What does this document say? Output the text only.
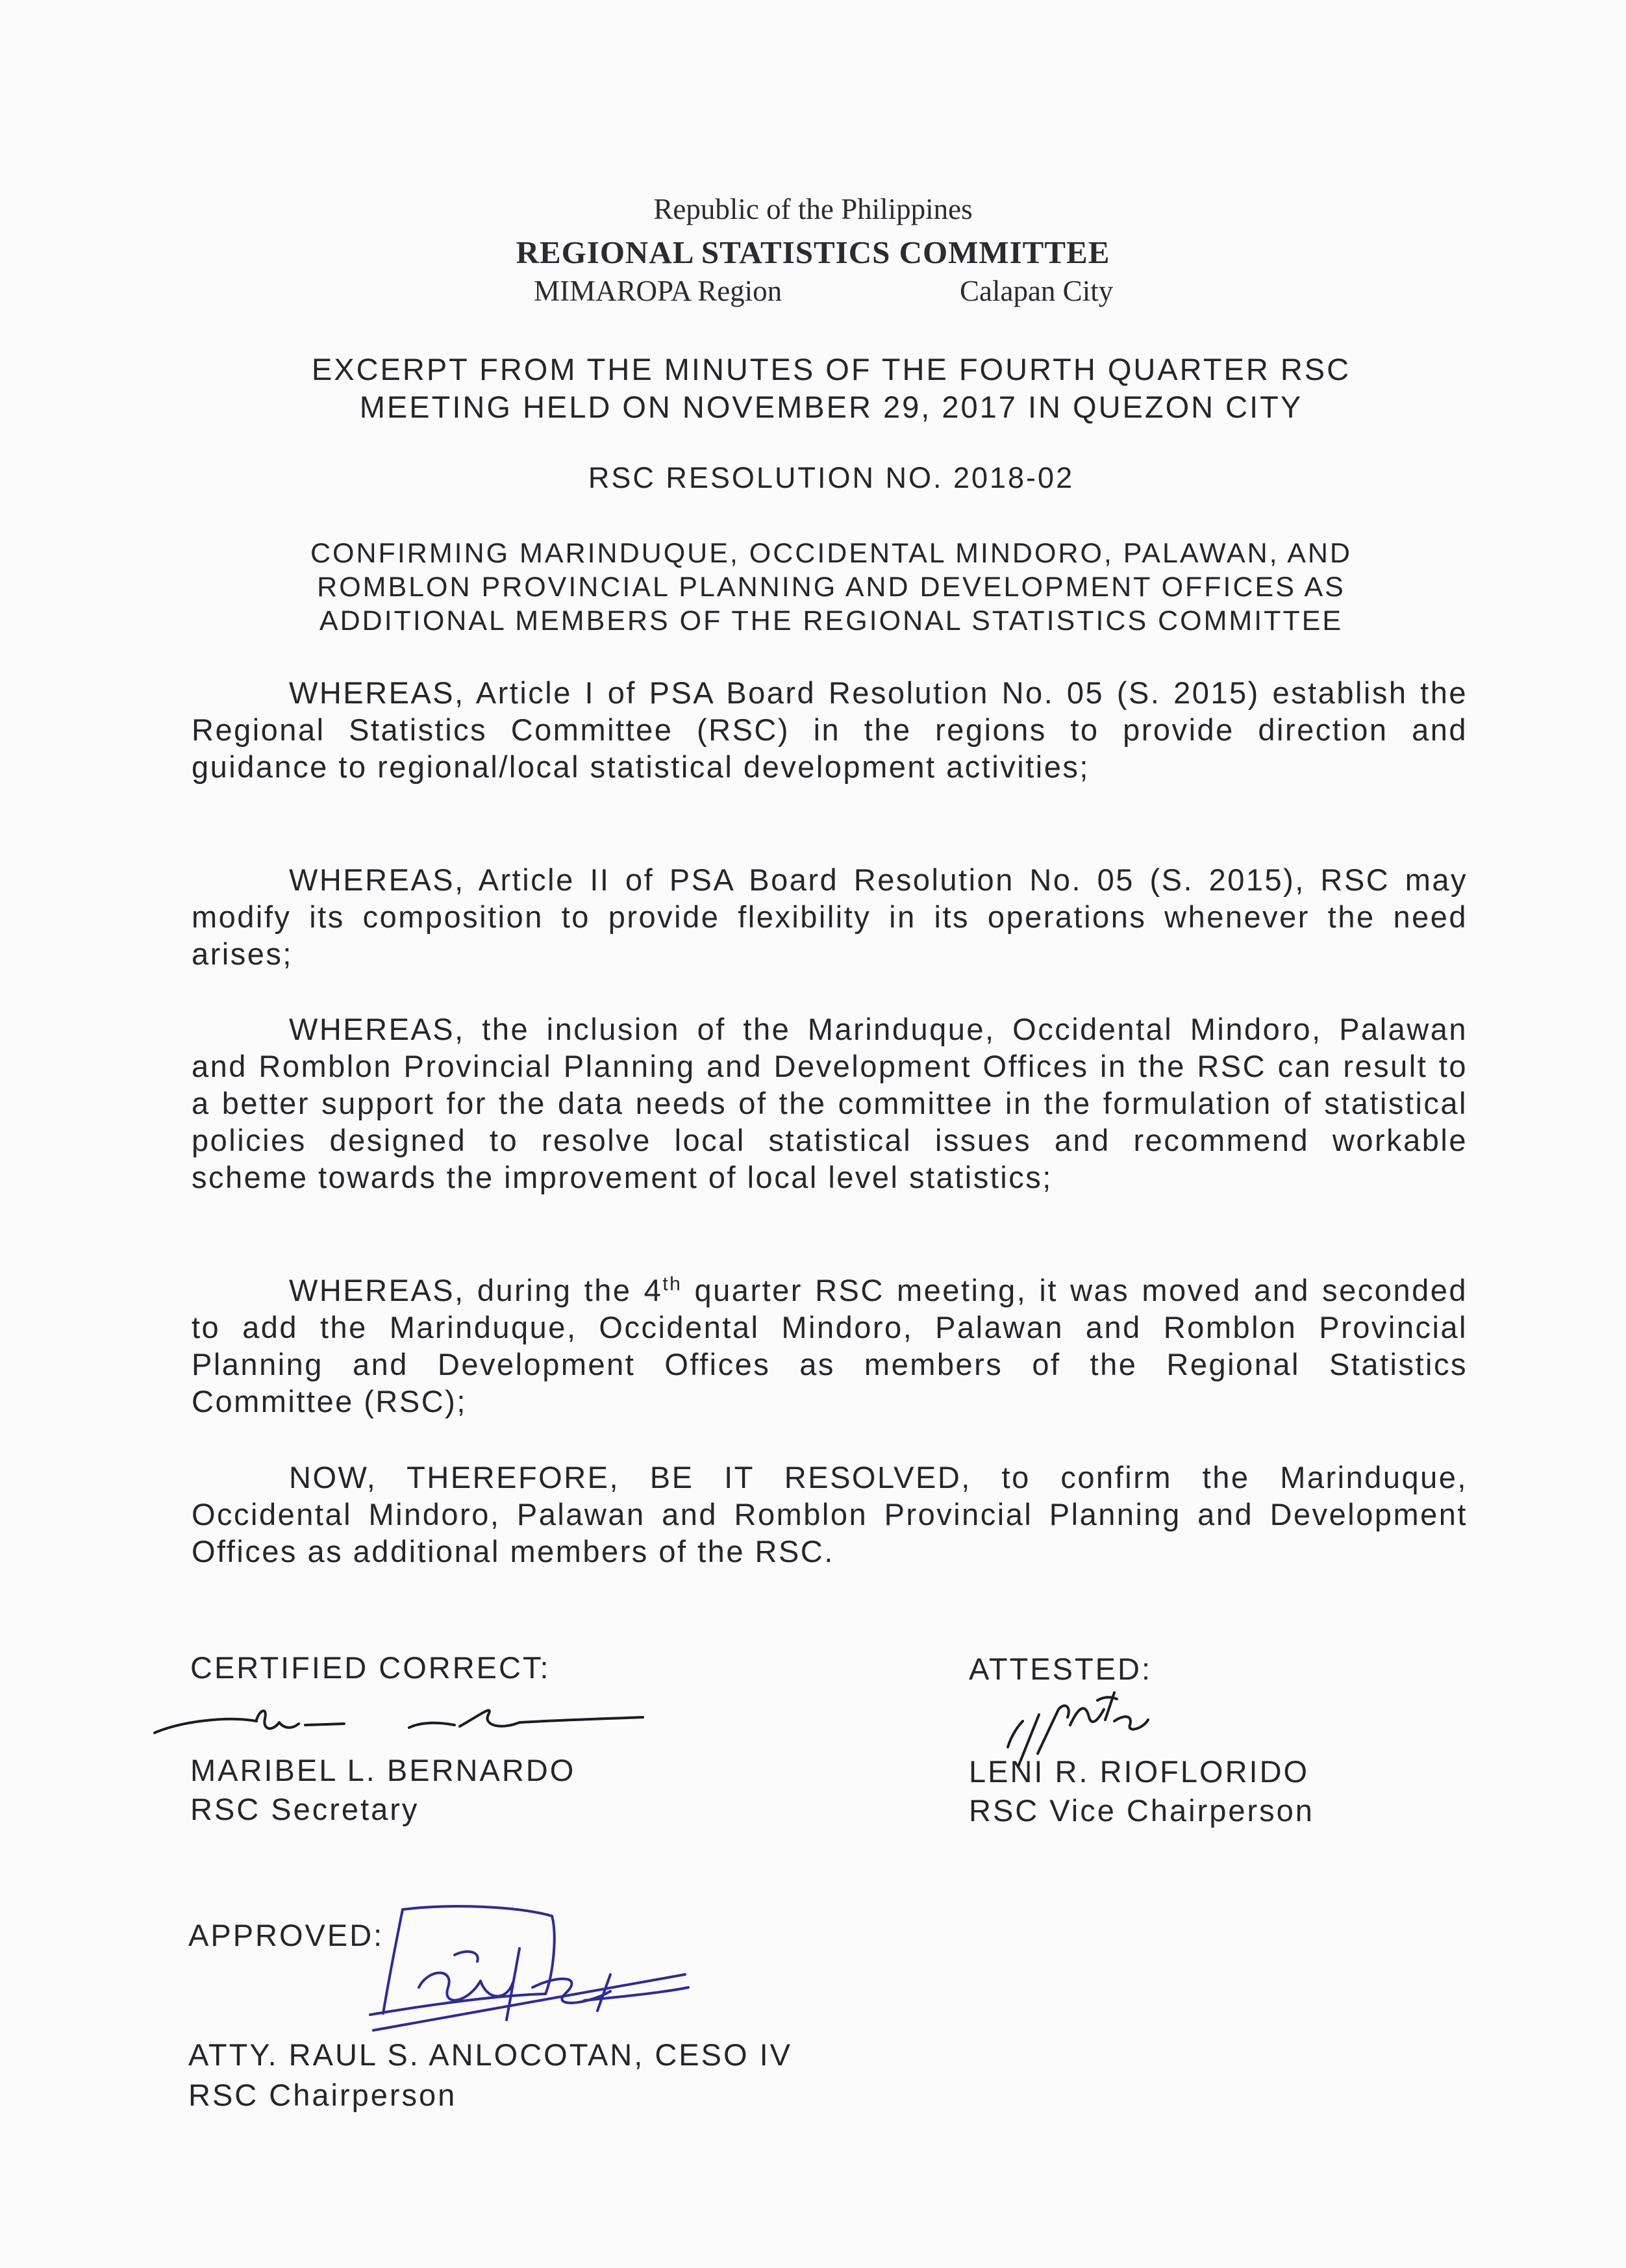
Republic of the Philippines
REGIONAL STATISTICS COMMITTEE
MIMAROPA Region	Calapan City
EXCERPT FROM THE MINUTES OF THE FOURTH QUARTER RSC
MEETING HELD ON NOVEMBER 29, 2017 IN QUEZON CITY
RSC RESOLUTION NO. 2018-02
CONFIRMING MARINDUQUE, OCCIDENTAL MINDORO, PALAWAN, AND
ROMBLON PROVINCIAL PLANNING AND DEVELOPMENT OFFICES AS
ADDITIONAL MEMBERS OF THE REGIONAL STATISTICS COMMITTEE

WHEREAS, Article I of PSA Board Resolution No. 05 (S. 2015) establish the Regional Statistics Committee (RSC) in the regions to provide direction and guidance to regional/local statistical development activities;

WHEREAS, Article II of PSA Board Resolution No. 05 (S. 2015), RSC may modify its composition to provide flexibility in its operations whenever the need arises;

WHEREAS, the inclusion of the Marinduque, Occidental Mindoro, Palawan and Romblon Provincial Planning and Development Offices in the RSC can result to a better support for the data needs of the committee in the formulation of statistical policies designed to resolve local statistical issues and recommend workable scheme towards the improvement of local level statistics;

WHEREAS, during the 4th quarter RSC meeting, it was moved and seconded to add the Marinduque, Occidental Mindoro, Palawan and Romblon Provincial Planning and Development Offices as members of the Regional Statistics Committee (RSC);

NOW, THEREFORE, BE IT RESOLVED, to confirm the Marinduque, Occidental Mindoro, Palawan and Romblon Provincial Planning and Development Offices as additional members of the RSC.

CERTIFIED CORRECT:
MARIBEL L. BERNARDO
RSC Secretary
ATTESTED:
LENI R. RIOFLORIDO
RSC Vice Chairperson
APPROVED:
ATTY. RAUL S. ANLOCOTAN, CESO IV
RSC Chairperson
